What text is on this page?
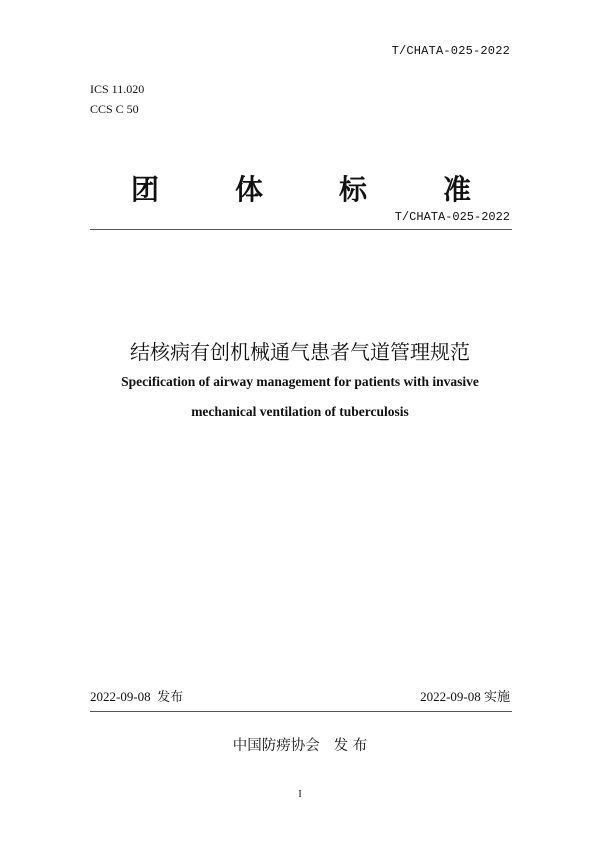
T/CHATA-025-2022
ICS 11.020
CCS C 50
团	体	标	准
T/CHATA-025-2022
结核病有创机械通气患者气道管理规范
Specification of airway management for patients with invasive
mechanical ventilation of tuberculosis
2022-09-08  发布	2022-09-08 实施
中国防痨协会   发 布
I
